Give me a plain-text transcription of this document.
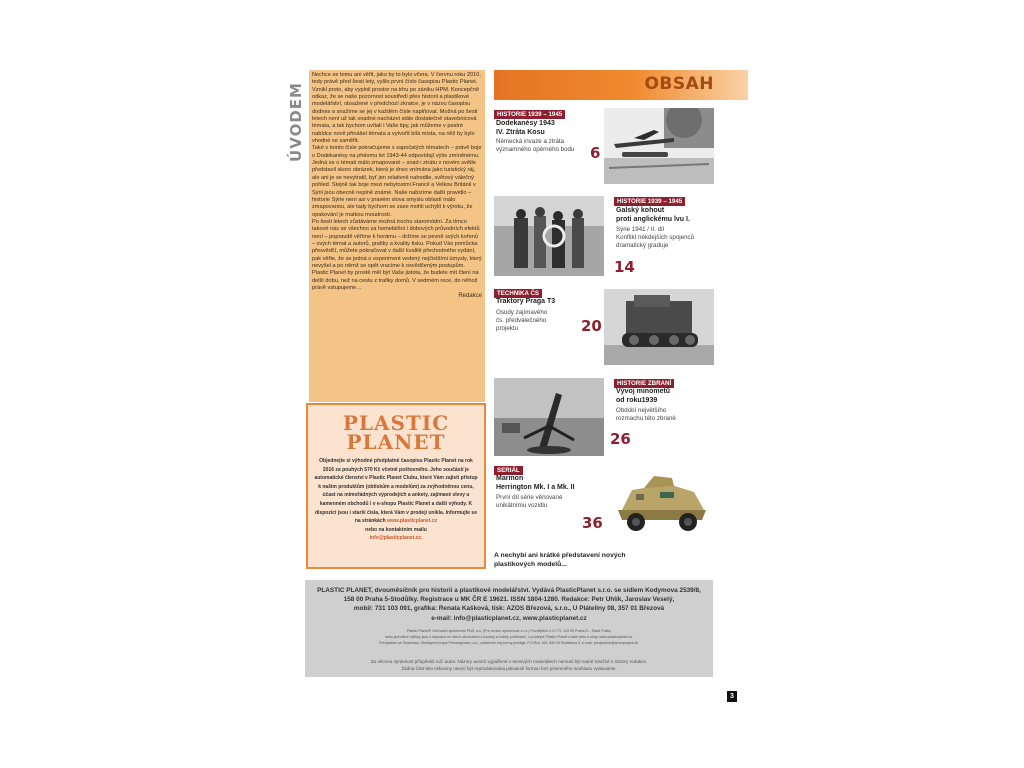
ÚVODEM

Nechce se tomu ani věřit, jako by to bylo včera. V červnu roku 2010, tedy právě před šesti lety, vyšlo první číslo časopisu Plastic Planet. Vznikl proto, aby vyplnil prostor na trhu po zániku HPM. Koncepčně odkaz, že se naše pozornost soustředí přes historii a plastikové modelářství, obsažené v předchozí zkratce, je v názvu časopisu dodnes a snažíme se jej v každém čísle naplňovat. Možná po šesti letech není už tak snadné nacházet stále dostatečně stavebnicová témata, a tak bychom uvítali i Vaše tipy, jak můžeme v pestré nabídce nově přinášet témata a vytvořit bílá místa, na něž by bylo vhodné se zaměřit.

Také v tomto čísle pokračujeme v započatých tématech – právě boje o Dodekanésy na přelomu let 1943-44 odpovídají výše zmíněnému. Jedná se o témati málo zmapované – snad i ztrátu v novém světle představil skoro obrázek, která je dnes vnímána jako turistický ráj, ale ani je se nevytratil, byť jen relativně nahodile, světový válečný pohled. Stejně tak boje mezi nebytostmi Francií a Velkou Británií v Sýrii jsou obecně neplně známé. Naše nabízíme další pravidlo – historie Sýrie není asi v pravém slova smyslu oblastí málo zmapovanou, ale tady bychom se zase mohli uchýlit k výroku, že opakování je matkou moudrosti.

Po šesti letech zůstáváme možná trochu staromódní. Za tímco takové nás se všechno za homebitšní i dobových průvodních efektů není – popravdě věříme k horámu – držíme se pevně svých kořenů – svých témat a autorů, grafiky a kvality tisku. Pokud Vás pomůcka přesvědčí, můžete pokračovat v další kvalitě přechodného vydání, pak věřte, že se jedná o experiment vedený nejčistšími úmysly, který nevyšel a po němž se opět vracíme k osvědčeným postupům. Plastic Planet by prostě měl být Vaše jistota, že budete mít čtení na delší dobu, než na cestu z trafiky domů. V sedmém roce, do něhož právě vstupujeme…

Redakce
OBSAH
HISTORIE 1939 – 1945
Dodekanésy 1943
IV. Ztráta Kosu
Německá invaze a ztráta významného opěrného bodu	6
HISTORIE 1939 – 1945
Galský kohout
proti anglickému lvu I.
Sýrie 1941 / II. díl
Konflikt nékdejších spojenců
dramatický graduje
14
TECHNIKA ČS
Traktory Praga T3
Osudy zajímavého
čs. předválečného
projektu	20
HISTORIE ZBRANÍ
Vývoj minometů
od roku1939
Období největšího
rozmachu této zbraně
26
SERIÁL
Marmon
Herrington Mk. I a Mk. II
První díl série věnované
unikátnímu vozidlu
36
A nechybí ani krátké představení nových plastikových modelů...
PLASTIC
PLANET
Objednejte si výhodné předplatné časopisu Plastic Planet na rok 2016 za pouhých 570 Kč včetně poštovného. Jeho součástí je automatické členství v Plastic Planet Clubu, které Vám zajistí přístup k našim produktům (obtiskům a modelům) za zvýhodněnou cenu, účast na mimořádných výprodejích a ankety, zajímavé slevy u kamenném obchodů i v e-shopu Plastic Planet a další výhody. K dispozici jsou i starší čísla, která Vám v prodeji unikla. Informujte se na stránkách www.plasticplanet.cz
nebo na kontaktním mailu
info@plasticplanet.cz.
PLASTIC PLANET, dvouměsíčník pro historii a plastikové modelářství. Vydává PlasticPlanet s.r.o. se sídlem Kodymova 2539/8, 158 00 Praha 5-Stodůlky. Registrace u MK ČR E 19621. ISSN 1804-1280. Redakce: Petr Uhlík, Jaroslav Veselý,
mobil: 731 103 091, grafika: Renata Kašková, tisk: AZOS Březová, s.r.o., U Pláteliny 08, 357 01 Březová
e-mail: info@plasticplanet.cz, www.plasticplanet.cz
Plastic Planet® Obchodní společnost PNS, a.s. (Pro revizní společnost s.r.o.) Pozdějšího č./1773, 153 00 Praha 5 – Stará Pošta,
nebo jednotlivé výtisky jsou k dispozici ve všech obchodech s modely a hobby potřebami, v prodejně Plastic Planet a také přes e-shop www.plasticplanet.cz.
Předplatné na Slovensku: Mediaprint-Kapa Pressegrosso, a.s., oddelenie inej formy predaja, P.O.Box 183, 830 00 Bratislava 3, e-mail: predplatne@abompkapa.sk.
Za věcnou správnost příspěvků ručí autor. Názory autorů vyjádřené v textových materiálech nemusí být nutně totožné s názory redakce.
Žádná část této tiskoviny nesmí být reprodukována jakoukoli formou bez písemného souhlasu vydavatele.
3
